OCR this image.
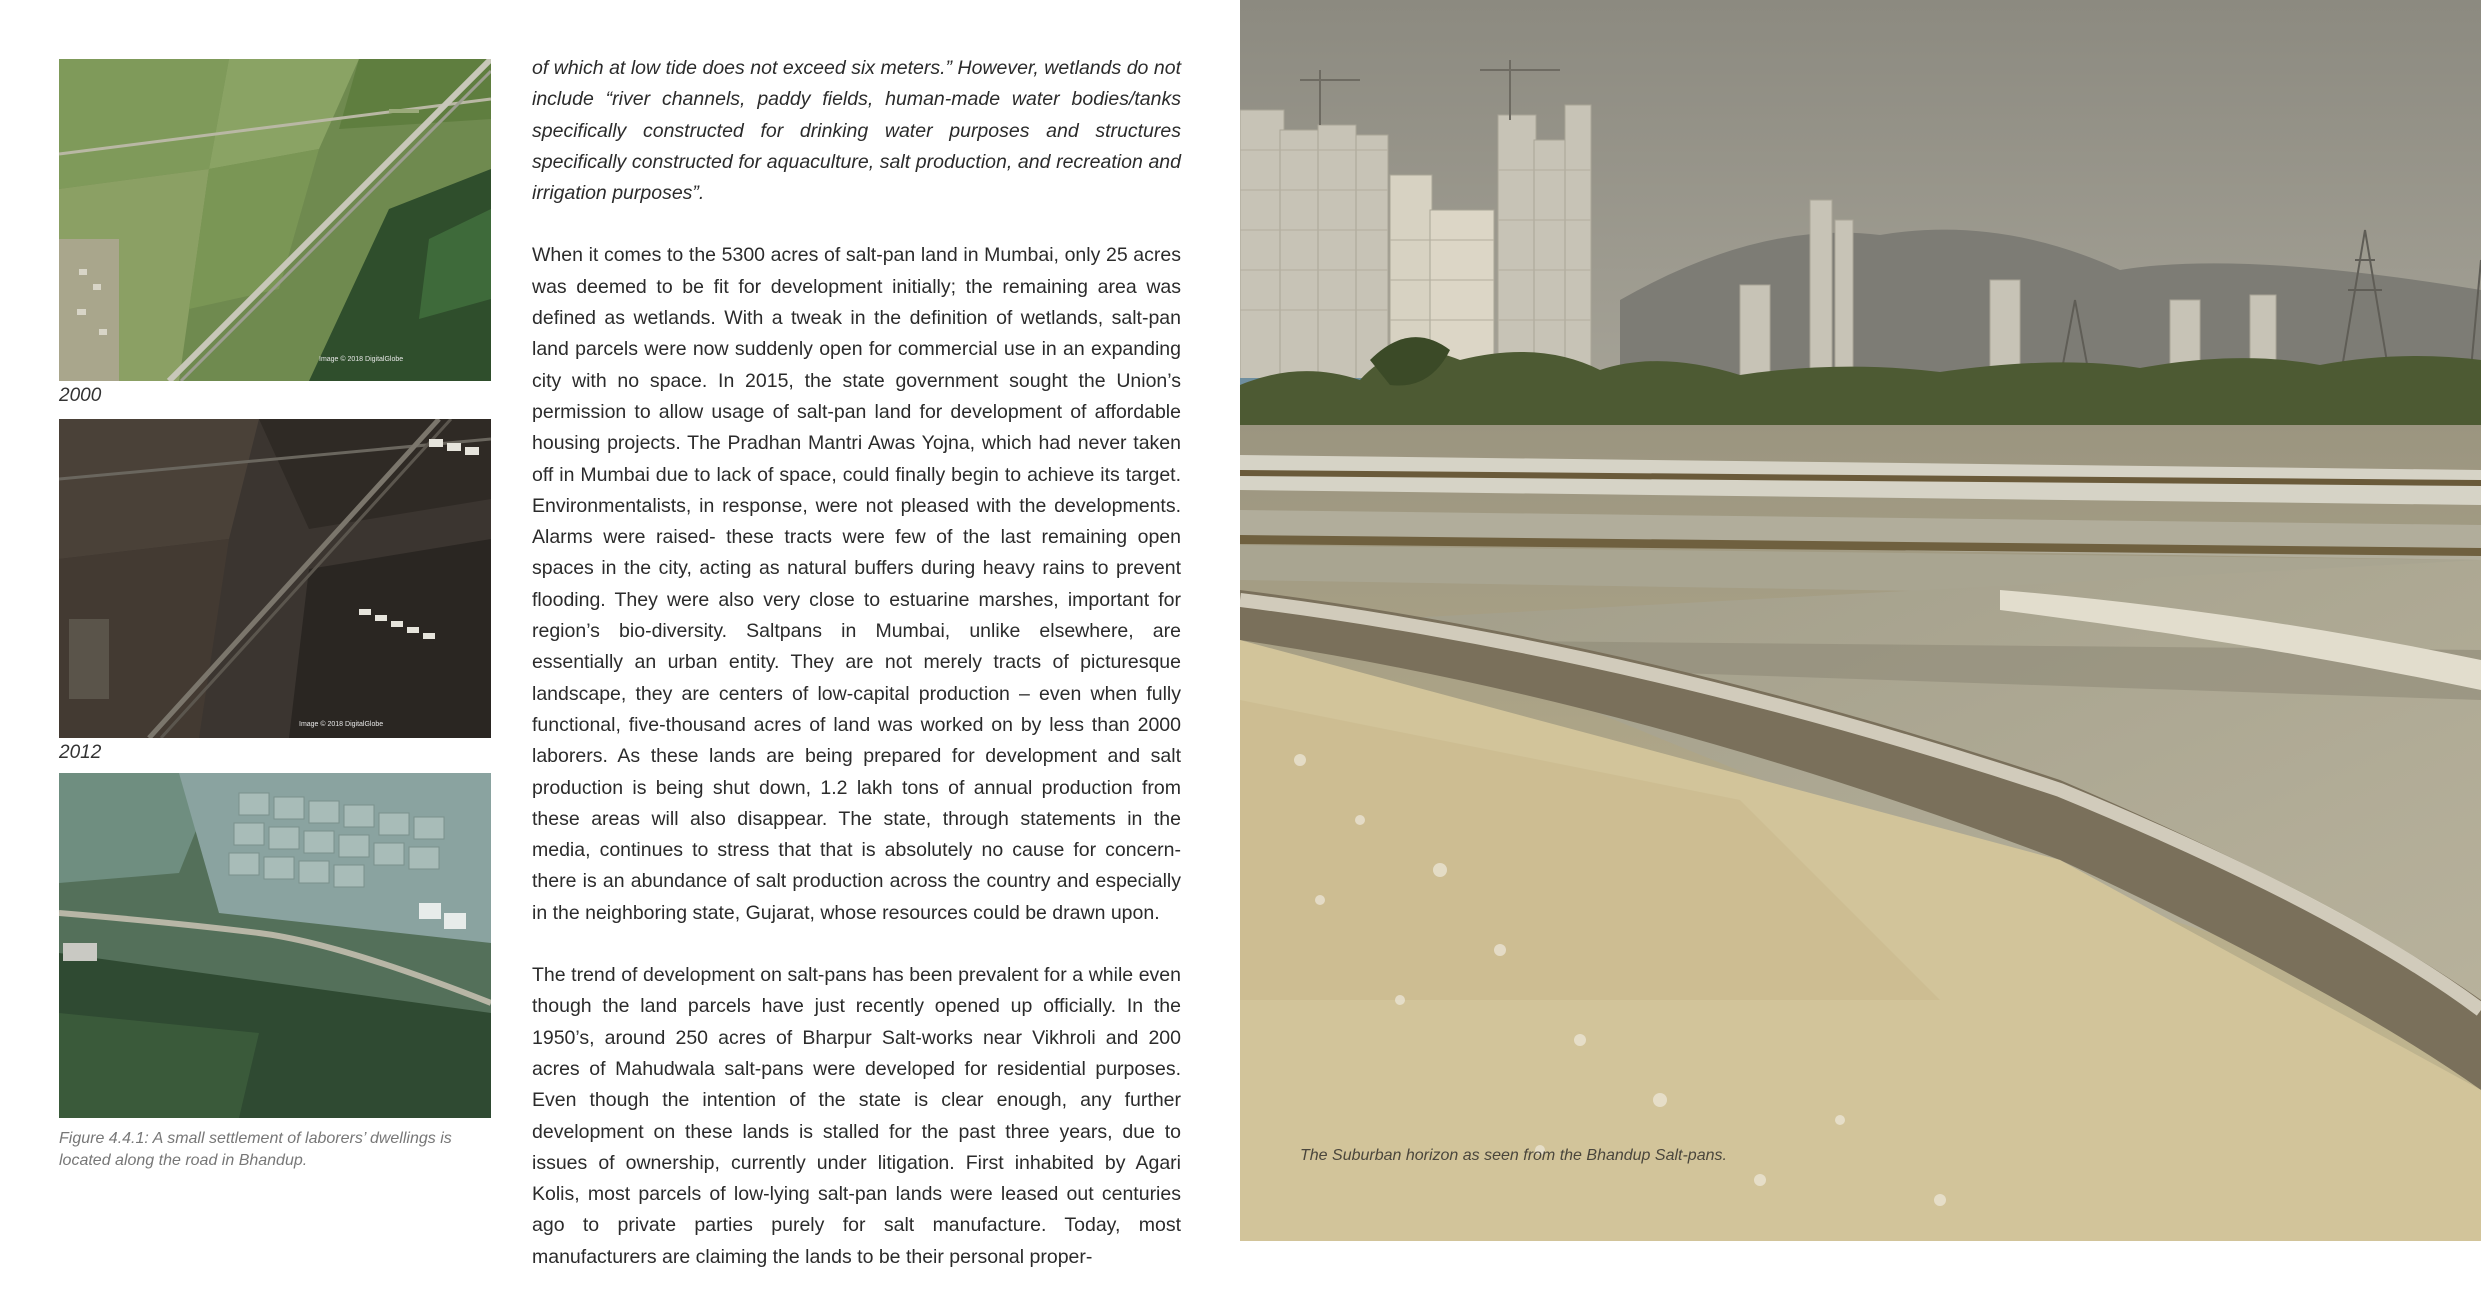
Image © 2018 DigitalGlobe
2000
Image © 2018 DigitalGlobe
2012
Figure 4.4.1: A small settlement of laborers’ dwellings is located along the road in Bhandup.

of which at low tide does not exceed six meters.” However, wetlands do not include “river channels, paddy fields, human-made water bodies/tanks specifically constructed for drinking water purposes and structures specifically constructed for aquaculture, salt production, and recreation and irrigation purposes”.

When it comes to the 5300 acres of salt-pan land in Mumbai, only 25 acres was deemed to be fit for development initially; the remaining area was defined as wetlands. With a tweak in the definition of wetlands, salt-pan land parcels were now suddenly open for commercial use in an expanding city with no space. In 2015, the state government sought the Union’s permission to allow usage of salt-pan land for development of affordable housing projects. The Pradhan Mantri Awas Yojna, which had never taken off in Mumbai due to lack of space, could finally begin to achieve its target. Environmentalists, in response, were not pleased with the developments. Alarms were raised- these tracts were few of the last remaining open spaces in the city, acting as natural buffers during heavy rains to prevent flooding. They were also very close to estuarine marshes, important for region’s bio-diversity. Saltpans in Mumbai, unlike elsewhere, are essentially an urban entity. They are not merely tracts of picturesque landscape, they are centers of low-capital production – even when fully functional, five-thousand acres of land was worked on by less than 2000 laborers. As these lands are being prepared for development and salt production is being shut down, 1.2 lakh tons of annual production from these areas will also disappear. The state, through statements in the media, continues to stress that that is absolutely no cause for concern- there is an abundance of salt production across the country and especially in the neighboring state, Gujarat, whose resources could be drawn upon.

The trend of development on salt-pans has been prevalent for a while even though the land parcels have just recently opened up officially. In the 1950’s, around 250 acres of Bharpur Salt-works near Vikhroli and 200 acres of Mahudwala salt-pans were developed for residential purposes. Even though the intention of the state is clear enough, any further development on these lands is stalled for the past three years, due to issues of ownership, currently under litigation. First inhabited by Agari Kolis, most parcels of low-lying salt-pan lands were leased out centuries ago to private parties purely for salt manufacture. Today, most manufacturers are claiming the lands to be their personal proper-

The Suburban horizon as seen from the Bhandup Salt-pans.
